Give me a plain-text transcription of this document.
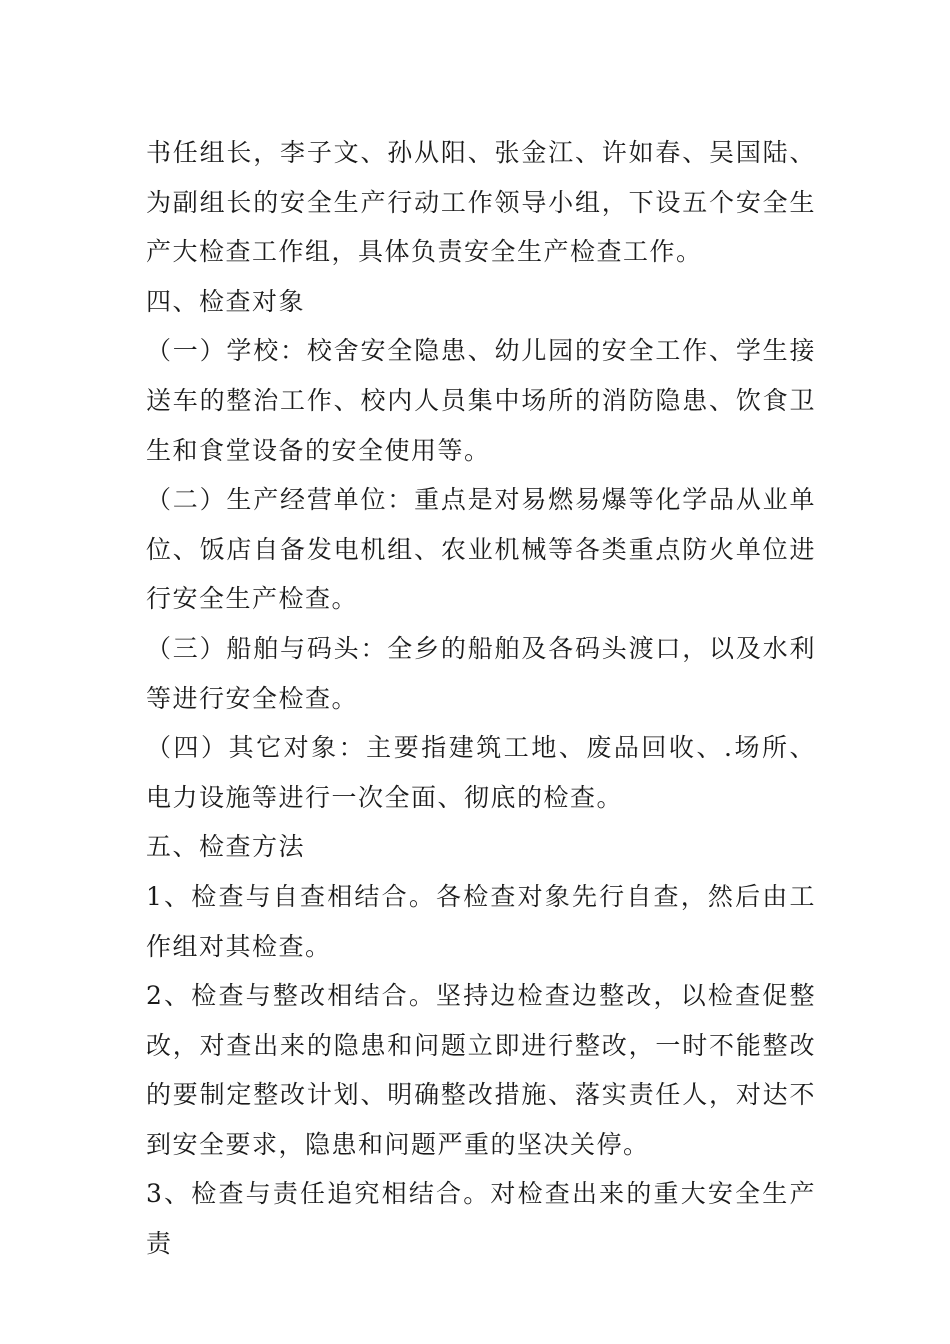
书任组长，李子文、孙从阳、张金江、许如春、吴国陆、为副组长的安全生产行动工作领导小组，下设五个安全生产大检查工作组，具体负责安全生产检查工作。

四、检查对象

（一）学校：校舍安全隐患、幼儿园的安全工作、学生接送车的整治工作、校内人员集中场所的消防隐患、饮食卫生和食堂设备的安全使用等。

（二）生产经营单位：重点是对易燃易爆等化学品从业单位、饭店自备发电机组、农业机械等各类重点防火单位进行安全生产检查。

（三）船舶与码头：全乡的船舶及各码头渡口，以及水利等进行安全检查。

（四）其它对象：主要指建筑工地、废品回收、.场所、电力设施等进行一次全面、彻底的检查。

五、检查方法

1、检查与自查相结合。各检查对象先行自查，然后由工作组对其检查。

2、检查与整改相结合。坚持边检查边整改，以检查促整改，对查出来的隐患和问题立即进行整改，一时不能整改的要制定整改计划、明确整改措施、落实责任人，对达不到安全要求，隐患和问题严重的坚决关停。

3、检查与责任追究相结合。对检查出来的重大安全生产责
